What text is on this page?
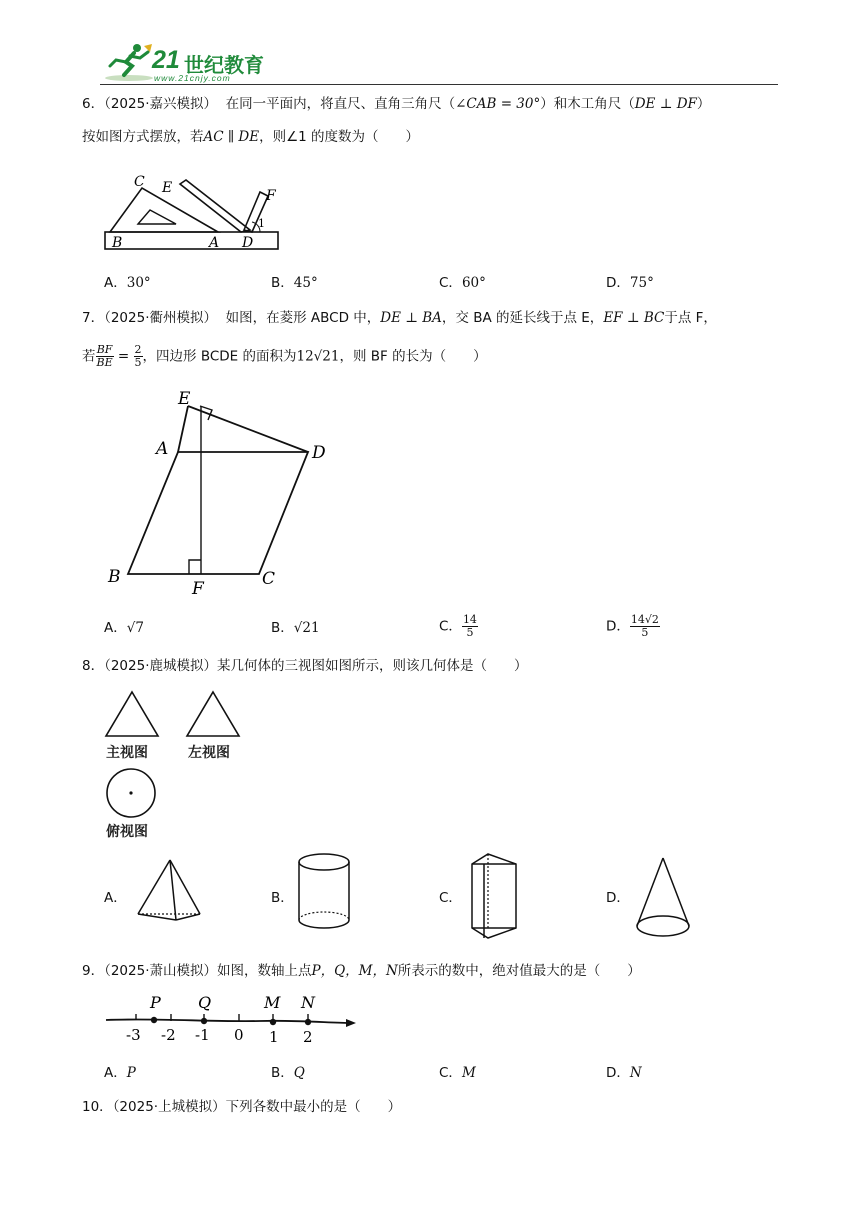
21 世纪教育
www.21cnjy.com
6．（2025·嘉兴模拟） 在同一平面内，将直尺、直角三角尺（∠CAB = 30°）和木工角尺（DE ⊥ DF）
按如图方式摆放，若AC ∥ DE，则∠1 的度数为（　　）
C E	F
1
B	A D
A．30°	B．45°	C．60°	D．75°
7．（2025·衢州模拟） 如图，在菱形 ABCD 中，DE ⊥ BA，交 BA 的延长线于点 E，EF ⊥ BC于点 F，
若 $\frac{BF}{BE} = \frac{2}{5}$ ，四边形 BCDE 的面积为12√21，则 BF 的长为（　　）
E
A	D
B
F	C
A．√7	B．√21	C． $\frac{14}{5}$	D． $\frac{14√2}{5}$
8．（2025·鹿城模拟）某几何体的三视图如图所示，则该几何体是（　　）
主视图	左视图
俯视图
A．	B．	C．	D．
9．（2025·萧山模拟）如图，数轴上点P，Q，M，N所表示的数中，绝对值最大的是（　　）
P Q	M N
-3 -2 -1 0 1 2
A．P	B．Q	C．M	D．N
10．（2025·上城模拟）下列各数中最小的是（　　）
